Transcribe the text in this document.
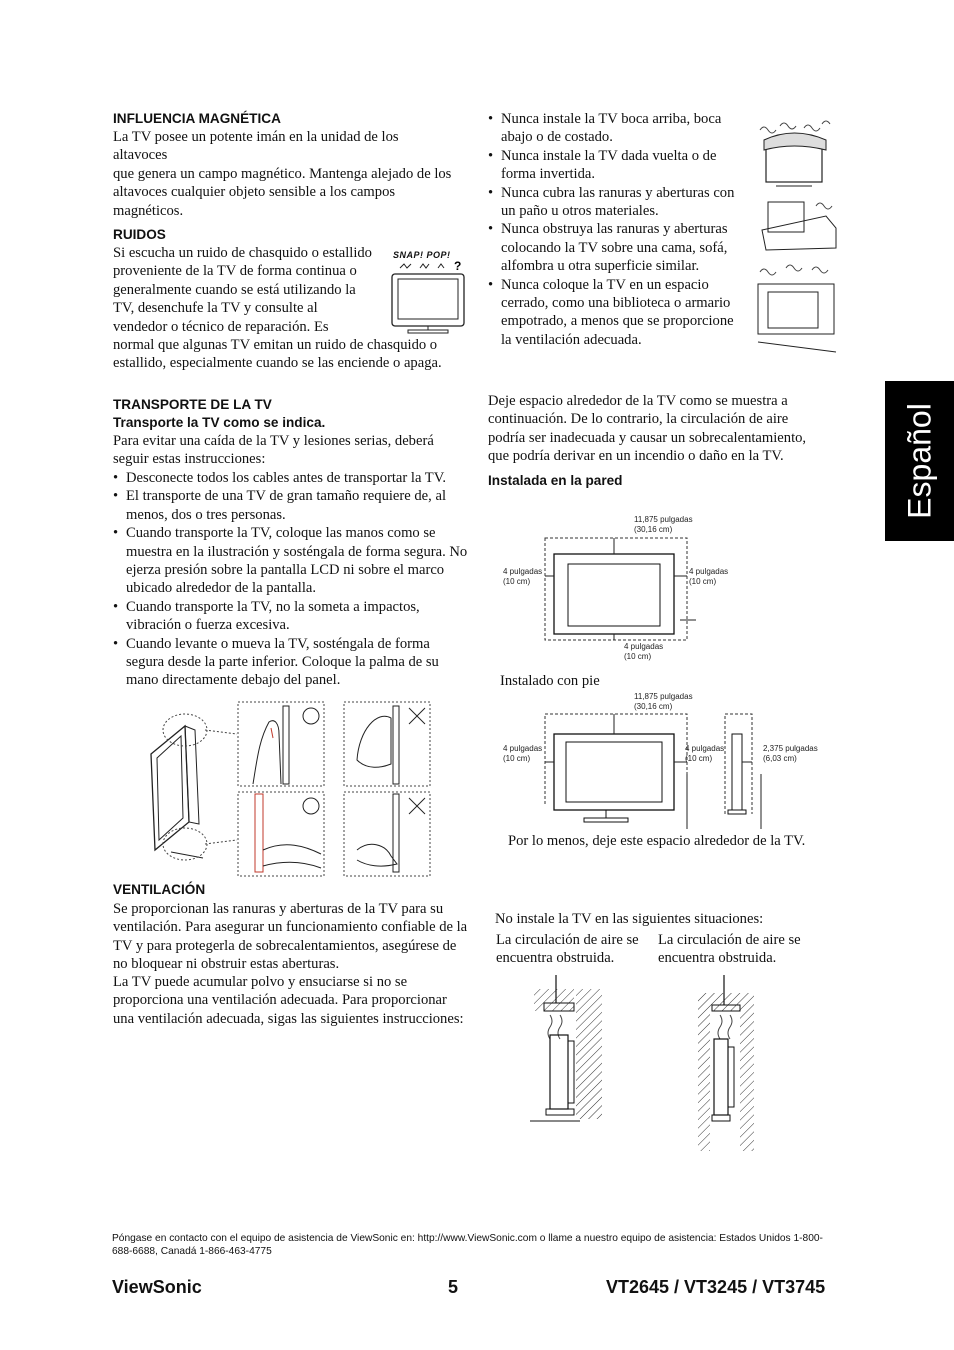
Español
INFLUENCIA MAGNÉTICA

La TV posee un potente imán en la unidad de los altavoces

que genera un campo magnético. Mantenga alejado de los altavoces cualquier objeto sensible a los campos magnéticos.

RUIDOS
Si escucha un ruido de chasquido o estallido
proveniente de la TV de forma continua o
generalmente cuando se está utilizando la
TV, desenchufe la TV y consulte al
vendedor o técnico de reparación. Es

normal que algunas TV emitan un ruido de chasquido o estallido, especialmente cuando se las enciende o apaga.

SNAP! POP!
?
TRANSPORTE DE LA TV
Transporte la TV como se indica.

Para evitar una caída de la TV y lesiones serias, deberá seguir estas instrucciones:

• Desconecte todos los cables antes de transportar la TV.
• El transporte de una TV de gran tamaño requiere de, al menos, dos o tres personas.
• Cuando transporte la TV, coloque las manos como se muestra en la ilustración y sosténgala de forma segura. No ejerza presión sobre la pantalla LCD ni sobre el marco ubicado alrededor de la pantalla.
• Cuando transporte la TV, no la someta a impactos, vibración o fuerza excesiva.
• Cuando levante o mueva la TV, sosténgala de forma segura desde la parte inferior. Coloque la palma de su mano directamente debajo del panel.
VENTILACIÓN

Se proporcionan las ranuras y aberturas de la TV para su ventilación. Para asegurar un funcionamiento confiable de la TV y para protegerla de sobrecalentamientos, asegúrese de no bloquear ni obstruir estas aberturas.

La TV puede acumular polvo y ensuciarse si no se proporciona una ventilación adecuada. Para proporcionar una ventilación adecuada, sigas las siguientes instrucciones:

• Nunca instale la TV boca arriba, boca abajo o de costado.
• Nunca instale la TV dada vuelta o de forma invertida.
• Nunca cubra las ranuras y aberturas con un paño u otros materiales.
• Nunca obstruya las ranuras y aberturas colocando la TV sobre una cama, sofá, alfombra u otra superficie similar.
• Nunca coloque la TV en un espacio cerrado, como una biblioteca o armario empotrado, a menos que se proporcione la ventilación adecuada.

Deje espacio alrededor de la TV como se muestra a continuación. De lo contrario, la circulación de aire podría ser inadecuada y causar un sobrecalentamiento, que podría derivar en un incendio o daño en la TV.

Instalada en la pared
11,875 pulgadas
(30,16 cm)
4 pulgadas
(10 cm)
4 pulgadas
(10 cm)
4 pulgadas
(10 cm)
Instalado con pie
11,875 pulgadas
(30,16 cm)
4 pulgadas
(10 cm)
4 pulgadas
(10 cm)
2,375 pulgadas
(6,03 cm)
Por lo menos, deje este espacio alrededor de la TV.
No instale la TV en las siguientes situaciones:

La circulación de aire se encuentra obstruida.

La circulación de aire se encuentra obstruida.

Póngase en contacto con el equipo de asistencia de ViewSonic en: http://www.ViewSonic.com o llame a nuestro equipo de asistencia: Estados Unidos 1-800-688-6688, Canadá 1-866-463-4775

ViewSonic	5	VT2645 / VT3245 / VT3745
